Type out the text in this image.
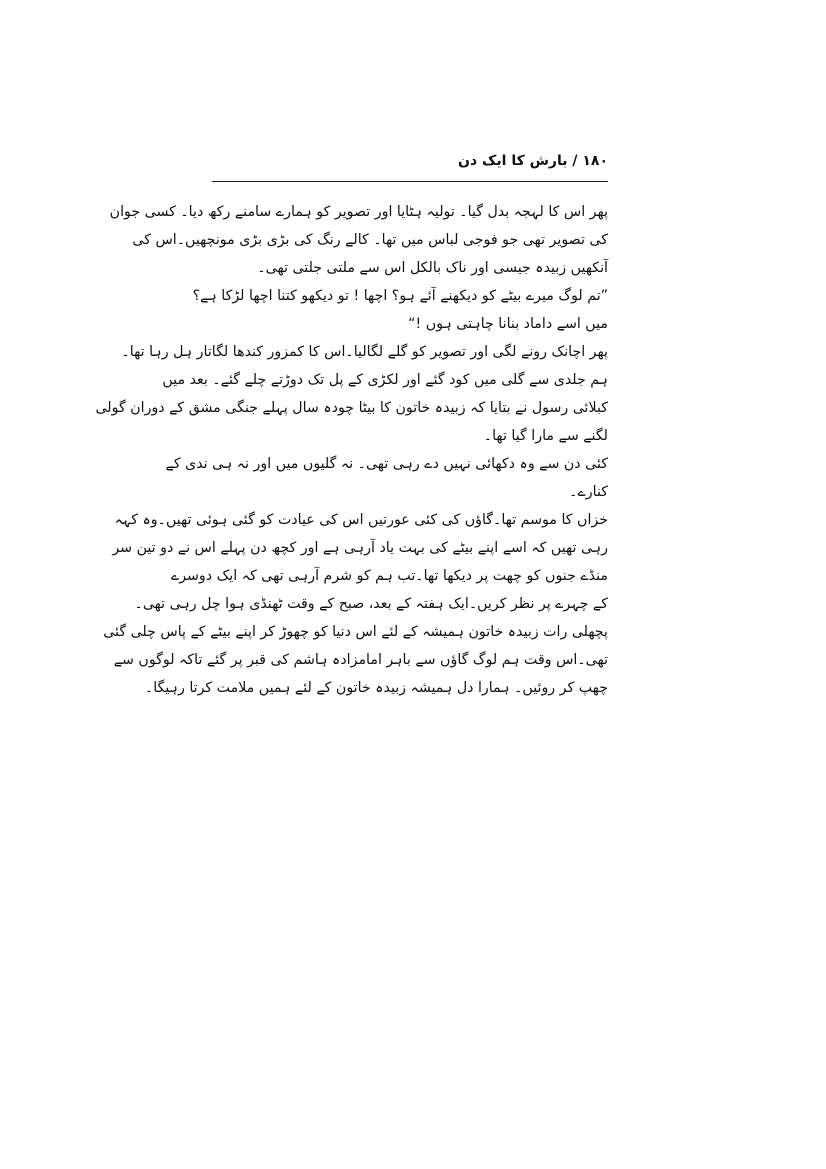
۱۸۰ / بارش کا ایک دن
پھر اس کا لہجہ بدل گیا۔ تولیہ ہٹایا اور تصویر کو ہمارے سامنے رکھ دیا۔ کسی جوان
کی تصویر تھی جو فوجی لباس میں تھا۔ کالے رنگ کی بڑی بڑی مونچھیں۔اس کی
آنکھیں زبیدہ جیسی اور ناک بالکل اس سے ملتی جلتی تھی۔
”تم لوگ میرے بیٹے کو دیکھنے آئے ہو؟ اچھا ! تو دیکھو کتنا اچھا لڑکا ہے؟
میں اسے داماد بنانا چاہتی ہوں !“
پھر اچانک رونے لگی اور تصویر کو گلے لگالیا۔اس کا کمزور کندھا لگاتار ہل رہا تھا۔
ہم جلدی سے گلی میں کود گئے اور لکڑی کے پل تک دوڑتے چلے گئے۔ بعد میں
کبلائی رسول نے بتایا کہ زبیدہ خاتون کا بیٹا چودہ سال پہلے جنگی مشق کے دوران گولی
لگنے سے مارا گیا تھا۔
کئی دن سے وہ دکھائی نہیں دے رہی تھی۔ نہ گلیوں میں اور نہ ہی ندی کے
کنارے۔
خزاں کا موسم تھا۔گاؤں کی کئی عورتیں اس کی عیادت کو گئی ہوئی تھیں۔وہ کہہ
رہی تھیں کہ اسے اپنے بیٹے کی بہت یاد آرہی ہے اور کچھ دن پہلے اس نے دو تین سر
منڈے جنوں کو چھت پر دیکھا تھا۔تب ہم کو شرم آرہی تھی کہ ایک دوسرے
کے چہرے پر نظر کریں۔ایک ہفتہ کے بعد، صبح کے وقت ٹھنڈی ہوا چل رہی تھی۔
پچھلی رات زبیدہ خاتون ہمیشہ کے لئے اس دنیا کو چھوڑ کر اپنے بیٹے کے پاس چلی گئی
تھی۔اس وقت ہم لوگ گاؤں سے باہر امامزادہ ہاشم کی قبر پر گئے تاکہ لوگوں سے
چھپ کر روئیں۔ ہمارا دل ہمیشہ زبیدہ خاتون کے لئے ہمیں ملامت کرتا رہیگا۔
